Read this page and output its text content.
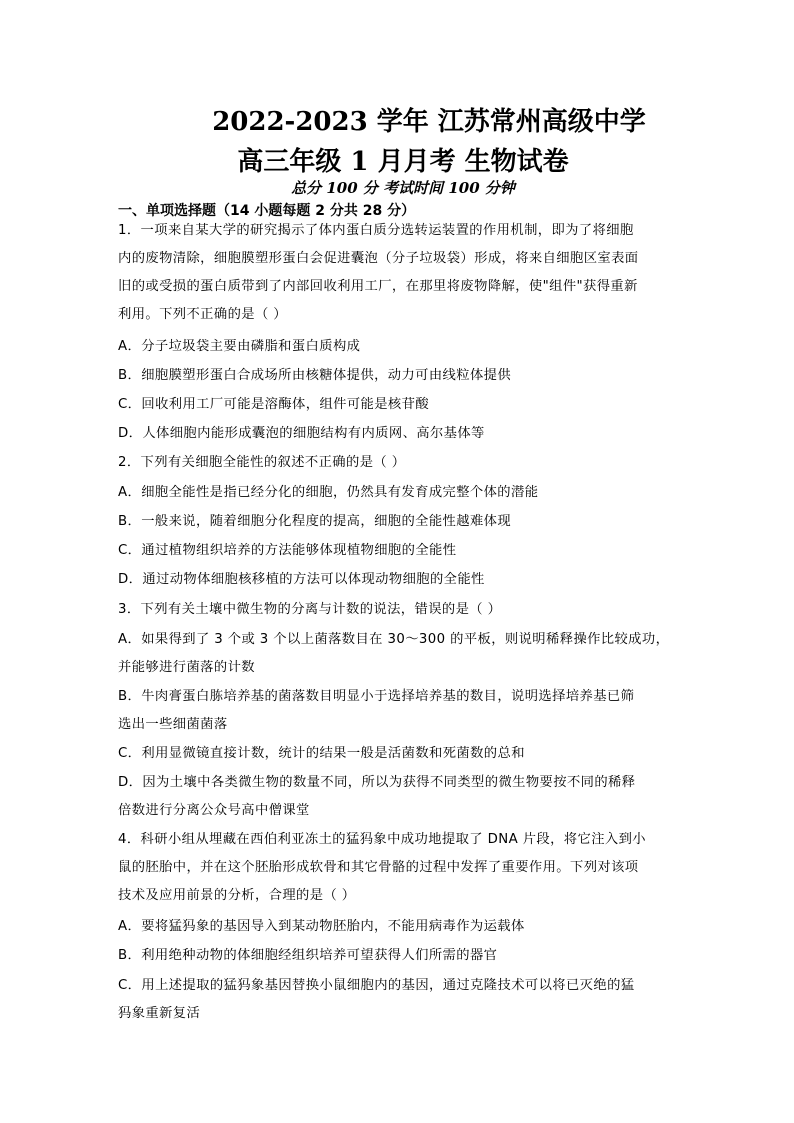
2022-2023 学年 江苏常州高级中学
高三年级 1 月月考 生物试卷
总分 100 分 考试时间 100 分钟
一、单项选择题（14 小题每题 2 分共 28 分）
1．一项来自某大学的研究揭示了体内蛋白质分选转运装置的作用机制，即为了将细胞
内的废物清除，细胞膜塑形蛋白会促进囊泡（分子垃圾袋）形成，将来自细胞区室表面
旧的或受损的蛋白质带到了内部回收利用工厂，在那里将废物降解，使"组件"获得重新
利用。下列不正确的是（ ）
A．分子垃圾袋主要由磷脂和蛋白质构成
B．细胞膜塑形蛋白合成场所由核糖体提供，动力可由线粒体提供
C．回收利用工厂可能是溶酶体，组件可能是核苷酸
D．人体细胞内能形成囊泡的细胞结构有内质网、高尔基体等
2．下列有关细胞全能性的叙述不正确的是（ ）
A．细胞全能性是指已经分化的细胞，仍然具有发育成完整个体的潜能
B．一般来说，随着细胞分化程度的提高，细胞的全能性越难体现
C．通过植物组织培养的方法能够体现植物细胞的全能性
D．通过动物体细胞核移植的方法可以体现动物细胞的全能性
3．下列有关土壤中微生物的分离与计数的说法，错误的是（ ）
A．如果得到了 3 个或 3 个以上菌落数目在 30～300 的平板，则说明稀释操作比较成功，
并能够进行菌落的计数
B．牛肉膏蛋白胨培养基的菌落数目明显小于选择培养基的数目，说明选择培养基已筛
选出一些细菌菌落
C．利用显微镜直接计数，统计的结果一般是活菌数和死菌数的总和
D．因为土壤中各类微生物的数量不同，所以为获得不同类型的微生物要按不同的稀释
倍数进行分离公众号高中僧课堂
4．科研小组从埋藏在西伯利亚冻土的猛犸象中成功地提取了 DNA 片段，将它注入到小
鼠的胚胎中，并在这个胚胎形成软骨和其它骨骼的过程中发挥了重要作用。下列对该项
技术及应用前景的分析，合理的是（ ）
A．要将猛犸象的基因导入到某动物胚胎内，不能用病毒作为运载体
B．利用绝种动物的体细胞经组织培养可望获得人们所需的器官
C．用上述提取的猛犸象基因替换小鼠细胞内的基因，通过克隆技术可以将已灭绝的猛
犸象重新复活
